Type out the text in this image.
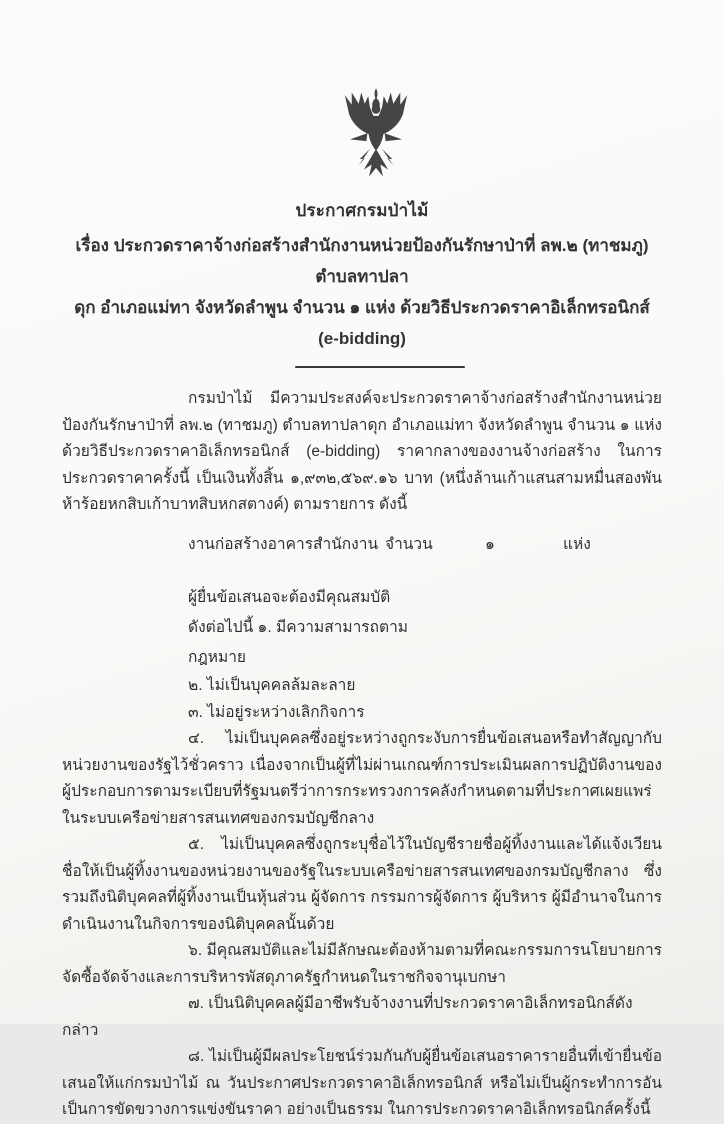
ประกาศกรมป่าไม้
เรื่อง ประกวดราคาจ้างก่อสร้างสำนักงานหน่วยป้องกันรักษาป่าที่ ลพ.๒ (ทาชมภู) ตำบลทาปลา
ดุก อำเภอแม่ทา จังหวัดลำพูน จำนวน ๑ แห่ง ด้วยวิธีประกวดราคาอิเล็กทรอนิกส์ (e-bidding)

กรมป่าไม้ มีความประสงค์จะประกวดราคาจ้างก่อสร้างสำนักงานหน่วยป้องกันรักษาป่าที่ ลพ.๒ (ทาชมภู) ตำบลทาปลาดุก อำเภอแม่ทา จังหวัดลำพูน จำนวน ๑ แห่ง ด้วยวิธีประกวดราคาอิเล็กทรอนิกส์ (e-bidding) ราคากลางของงานจ้างก่อสร้าง ในการประกวดราคาครั้งนี้ เป็นเงินทั้งสิ้น ๑,๙๓๒,๕๖๙.๑๖ บาท (หนึ่งล้านเก้าแสนสามหมื่นสองพันห้าร้อยหกสิบเก้าบาทสิบหกสตางค์) ตามรายการ ดังนี้

งานก่อสร้างอาคารสำนักงาน จำนวน	๑	แห่ง
ผู้ยื่นข้อเสนอจะต้องมีคุณสมบัติ
ดังต่อไปนี้ ๑. มีความสามารถตาม
กฎหมาย

๒. ไม่เป็นบุคคลล้มละลาย

๓. ไม่อยู่ระหว่างเลิกกิจการ

๔. ไม่เป็นบุคคลซึ่งอยู่ระหว่างถูกระงับการยื่นข้อเสนอหรือทำสัญญากับหน่วยงานของรัฐไว้ชั่วคราว เนื่องจากเป็นผู้ที่ไม่ผ่านเกณฑ์การประเมินผลการปฏิบัติงานของผู้ประกอบการตามระเบียบที่รัฐมนตรีว่าการกระทรวงการคลังกำหนดตามที่ประกาศเผยแพร่ในระบบเครือข่ายสารสนเทศของกรมบัญชีกลาง

๕. ไม่เป็นบุคคลซึ่งถูกระบุชื่อไว้ในบัญชีรายชื่อผู้ทิ้งงานและได้แจ้งเวียนชื่อให้เป็นผู้ทิ้งงานของหน่วยงานของรัฐในระบบเครือข่ายสารสนเทศของกรมบัญชีกลาง ซึ่งรวมถึงนิติบุคคลที่ผู้ทิ้งงานเป็นหุ้นส่วน ผู้จัดการ กรรมการผู้จัดการ ผู้บริหาร ผู้มีอำนาจในการดำเนินงานในกิจการของนิติบุคคลนั้นด้วย

๖. มีคุณสมบัติและไม่มีลักษณะต้องห้ามตามที่คณะกรรมการนโยบายการจัดซื้อจัดจ้างและการบริหารพัสดุภาครัฐกำหนดในราชกิจจานุเบกษา

๗. เป็นนิติบุคคลผู้มีอาชีพรับจ้างงานที่ประกวดราคาอิเล็กทรอนิกส์ดังกล่าว

๘. ไม่เป็นผู้มีผลประโยชน์ร่วมกันกับผู้ยื่นข้อเสนอราคารายอื่นที่เข้ายื่นข้อเสนอให้แก่กรมป่าไม้ ณ วันประกาศประกวดราคาอิเล็กทรอนิกส์ หรือไม่เป็นผู้กระทำการอันเป็นการขัดขวางการแข่งขันราคา อย่างเป็นธรรม ในการประกวดราคาอิเล็กทรอนิกส์ครั้งนี้
